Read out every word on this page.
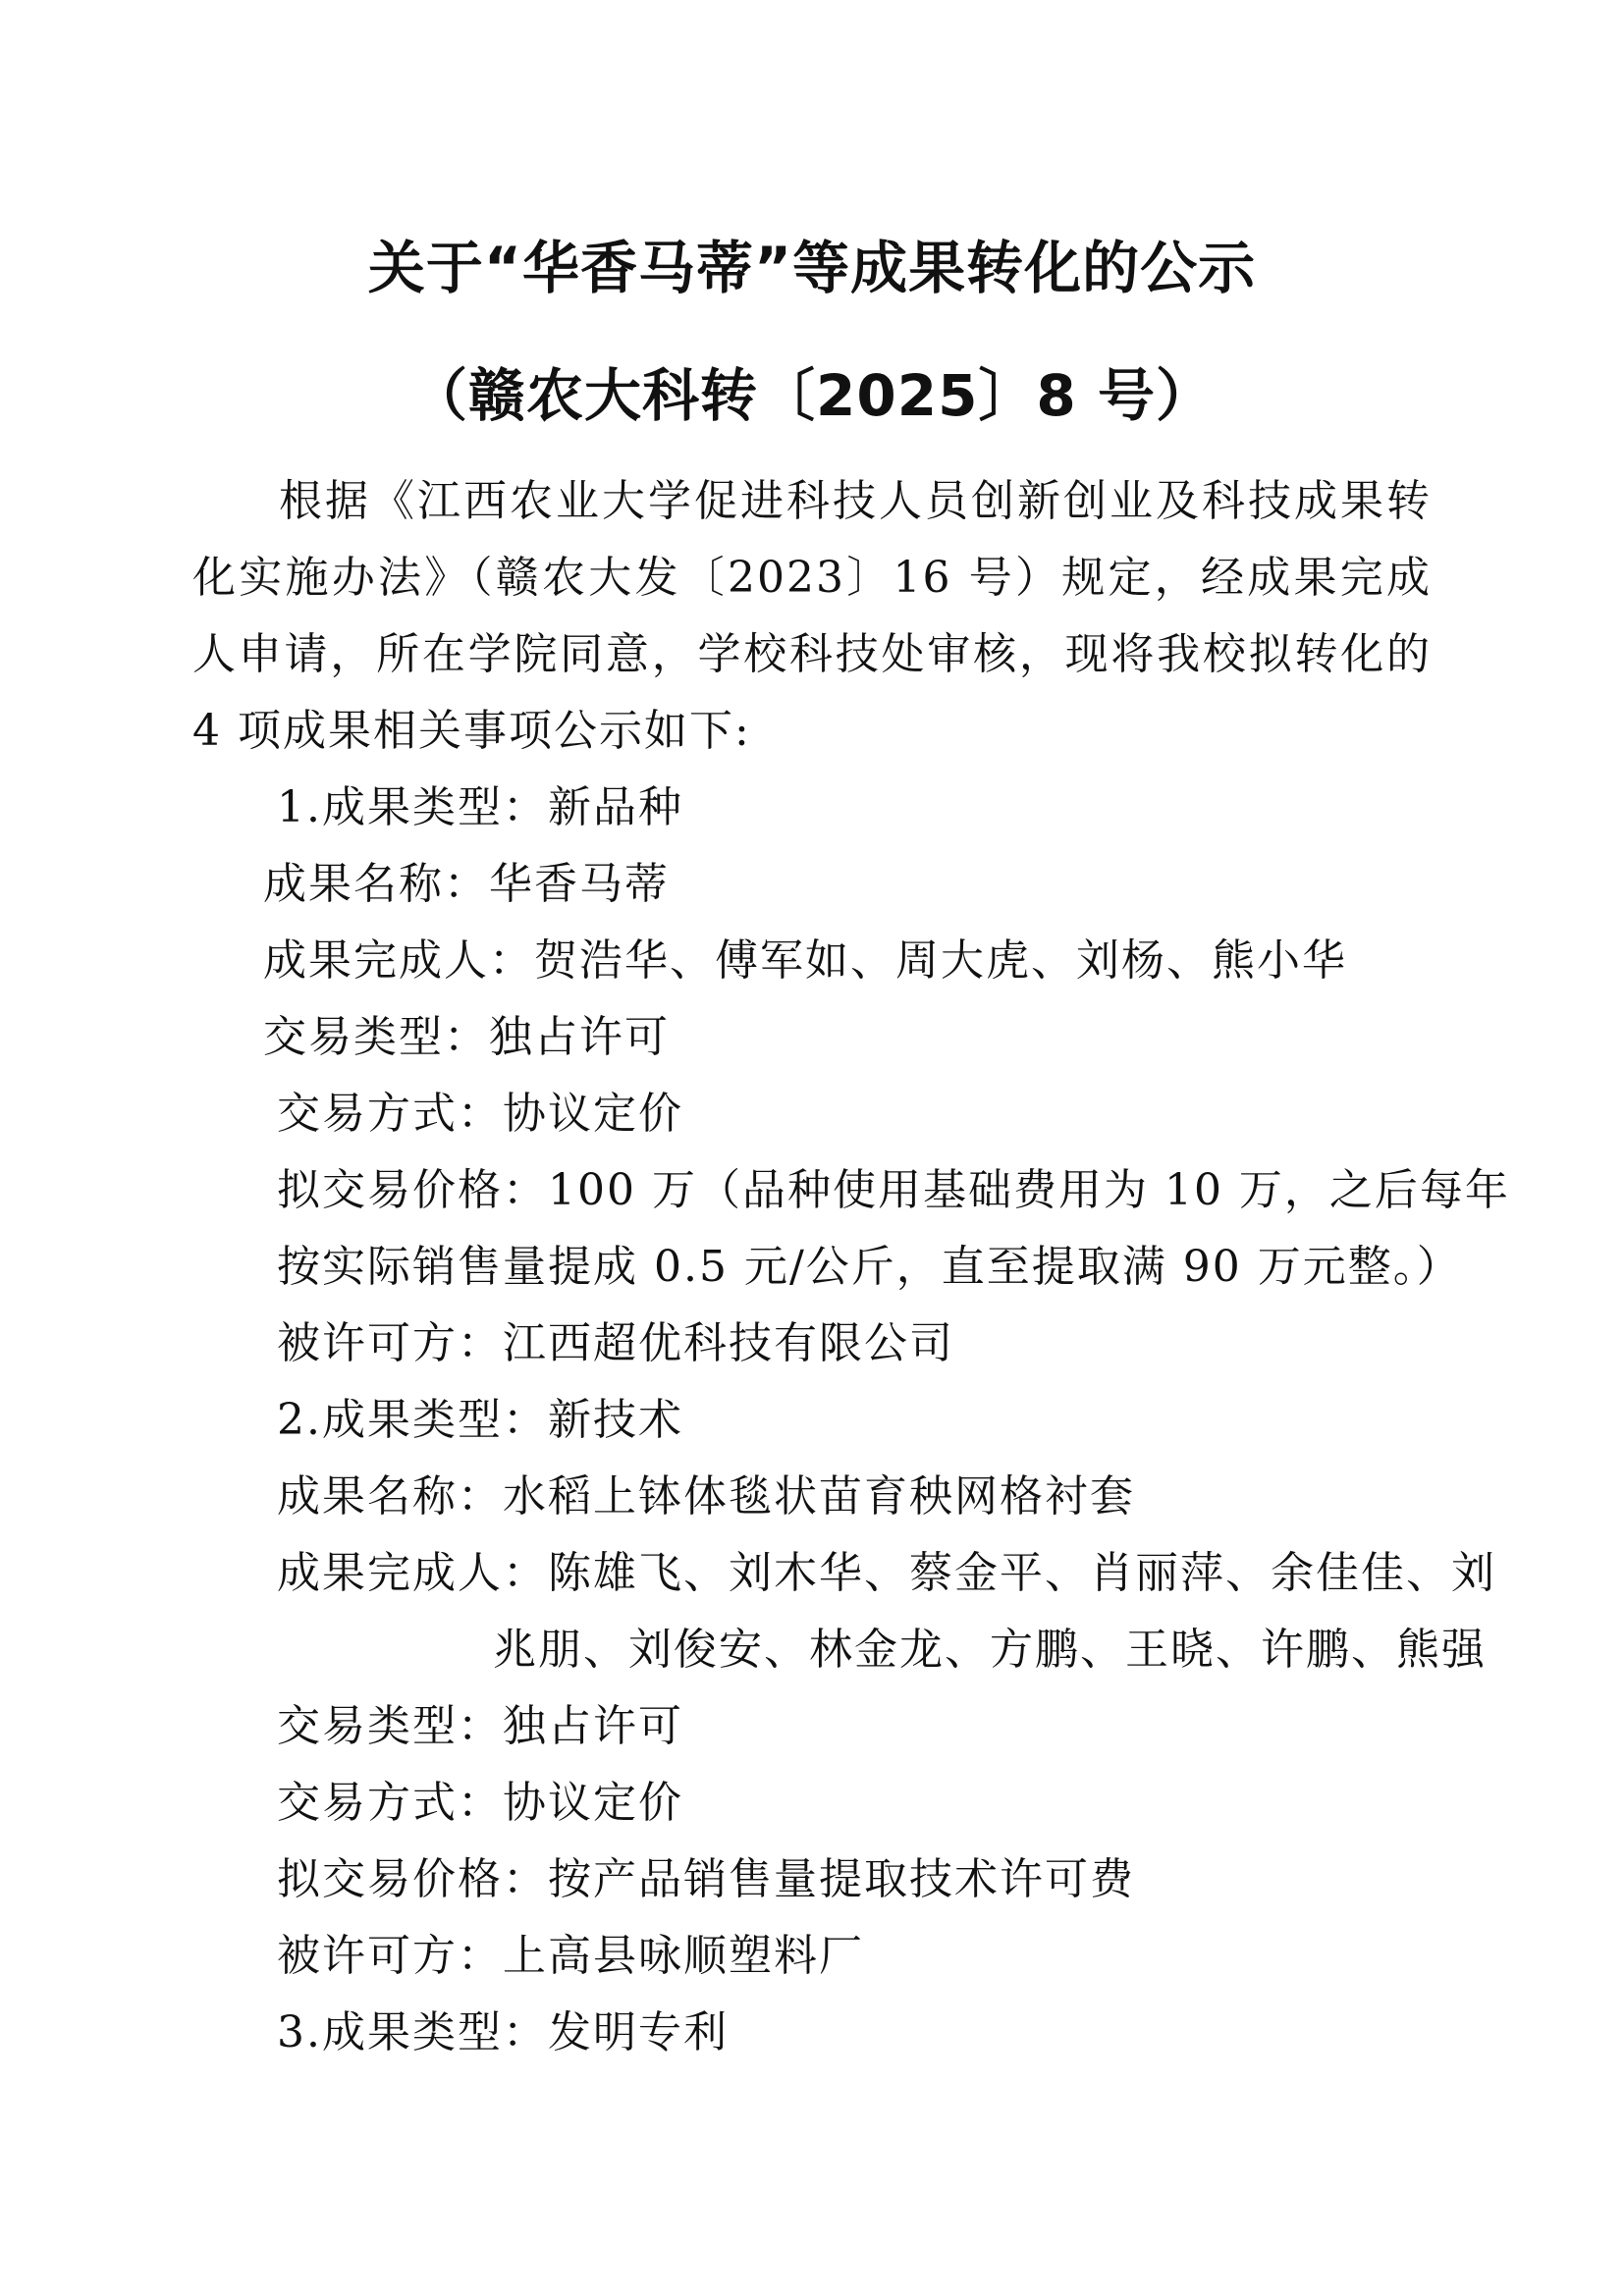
关于“华香马蒂”等成果转化的公示
（赣农大科转〔2025〕8 号）
根据《江西农业大学促进科技人员创新创业及科技成果转化实施办法》（赣农大发〔2023〕16 号）规定，经成果完成人申请，所在学院同意，学校科技处审核，现将我校拟转化的 4 项成果相关事项公示如下:
1.成果类型：新品种
成果名称：华香马蒂
成果完成人：贺浩华、傅军如、周大虎、刘杨、熊小华
交易类型：独占许可
交易方式：协议定价
拟交易价格：100 万（品种使用基础费用为 10 万，之后每年
按实际销售量提成 0.5 元/公斤，直至提取满 90 万元整。）
被许可方：江西超优科技有限公司
2.成果类型：新技术
成果名称：水稻上钵体毯状苗育秧网格衬套
成果完成人：陈雄飞、刘木华、蔡金平、肖丽萍、余佳佳、刘
兆朋、刘俊安、林金龙、方鹏、王晓、许鹏、熊强
交易类型：独占许可
交易方式：协议定价
拟交易价格：按产品销售量提取技术许可费
被许可方：上高县咏顺塑料厂
3.成果类型：发明专利
